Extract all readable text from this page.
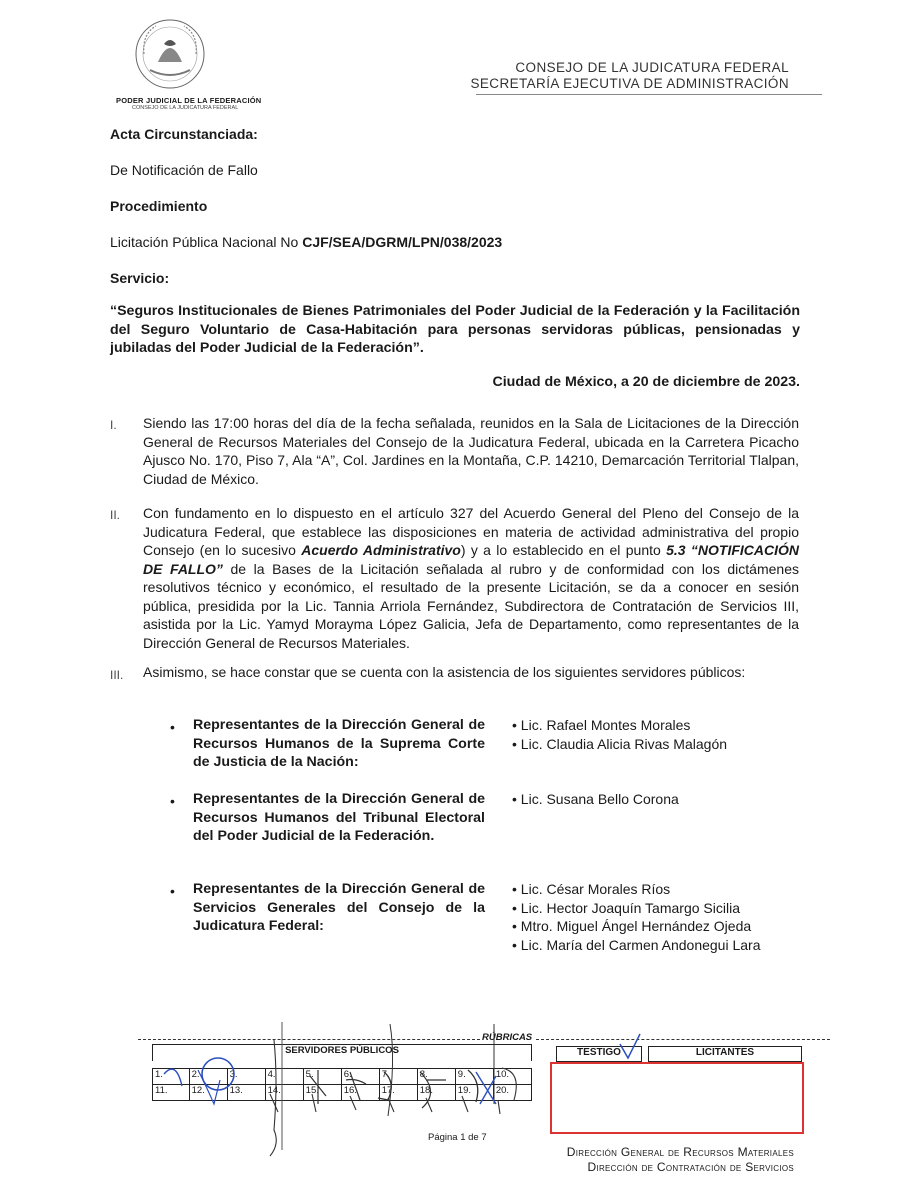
PODER JUDICIAL DE LA FEDERACIÓN
CONSEJO DE LA JUDICATURA FEDERAL
CONSEJO DE LA JUDICATURA FEDERAL
SECRETARÍA EJECUTIVA DE ADMINISTRACIÓN
Acta Circunstanciada:
De Notificación de Fallo
Procedimiento
Licitación Pública Nacional No CJF/SEA/DGRM/LPN/038/2023
Servicio:
“Seguros Institucionales de Bienes Patrimoniales del Poder Judicial de la Federación y la Facilitación del Seguro Voluntario de Casa-Habitación para personas servidoras públicas, pensionadas y jubiladas del Poder Judicial de la Federación”.
Ciudad de México, a 20 de diciembre de 2023.
I. Siendo las 17:00 horas del día de la fecha señalada, reunidos en la Sala de Licitaciones de la Dirección General de Recursos Materiales del Consejo de la Judicatura Federal, ubicada en la Carretera Picacho Ajusco No. 170, Piso 7, Ala “A”, Col. Jardines en la Montaña, C.P. 14210, Demarcación Territorial Tlalpan, Ciudad de México.
II. Con fundamento en lo dispuesto en el artículo 327 del Acuerdo General del Pleno del Consejo de la Judicatura Federal, que establece las disposiciones en materia de actividad administrativa del propio Consejo (en lo sucesivo Acuerdo Administrativo) y a lo establecido en el punto 5.3 “NOTIFICACIÓN DE FALLO” de la Bases de la Licitación señalada al rubro y de conformidad con los dictámenes resolutivos técnico y económico, el resultado de la presente Licitación, se da a conocer en sesión pública, presidida por la Lic. Tannia Arriola Fernández, Subdirectora de Contratación de Servicios III, asistida por la Lic. Yamyd Morayma López Galicia, Jefa de Departamento, como representantes de la Dirección General de Recursos Materiales.
III. Asimismo, se hace constar que se cuenta con la asistencia de los siguientes servidores públicos:
• Representantes de la Dirección General de Recursos Humanos de la Suprema Corte de Justicia de la Nación:
• Lic. Rafael Montes Morales
• Lic. Claudia Alicia Rivas Malagón
• Representantes de la Dirección General de Recursos Humanos del Tribunal Electoral del Poder Judicial de la Federación.
• Lic. Susana Bello Corona
• Representantes de la Dirección General de Servicios Generales del Consejo de la Judicatura Federal:
• Lic. César Morales Ríos
• Lic. Hector Joaquín Tamargo Sicilia
• Mtro. Miguel Ángel Hernández Ojeda
• Lic. María del Carmen Andonegui Lara
RÚBRICAS
SERVIDORES PÚBLICOS
1.	2.	3.	4.	5.	6.	7.	8.	9.	10.
11.	12.	13.	14.	15.	16.	17.	18.	19.	20.
TESTIGO	LICITANTES
Página 1 de 7
Dirección General de Recursos Materiales
Dirección de Contratación de Servicios
